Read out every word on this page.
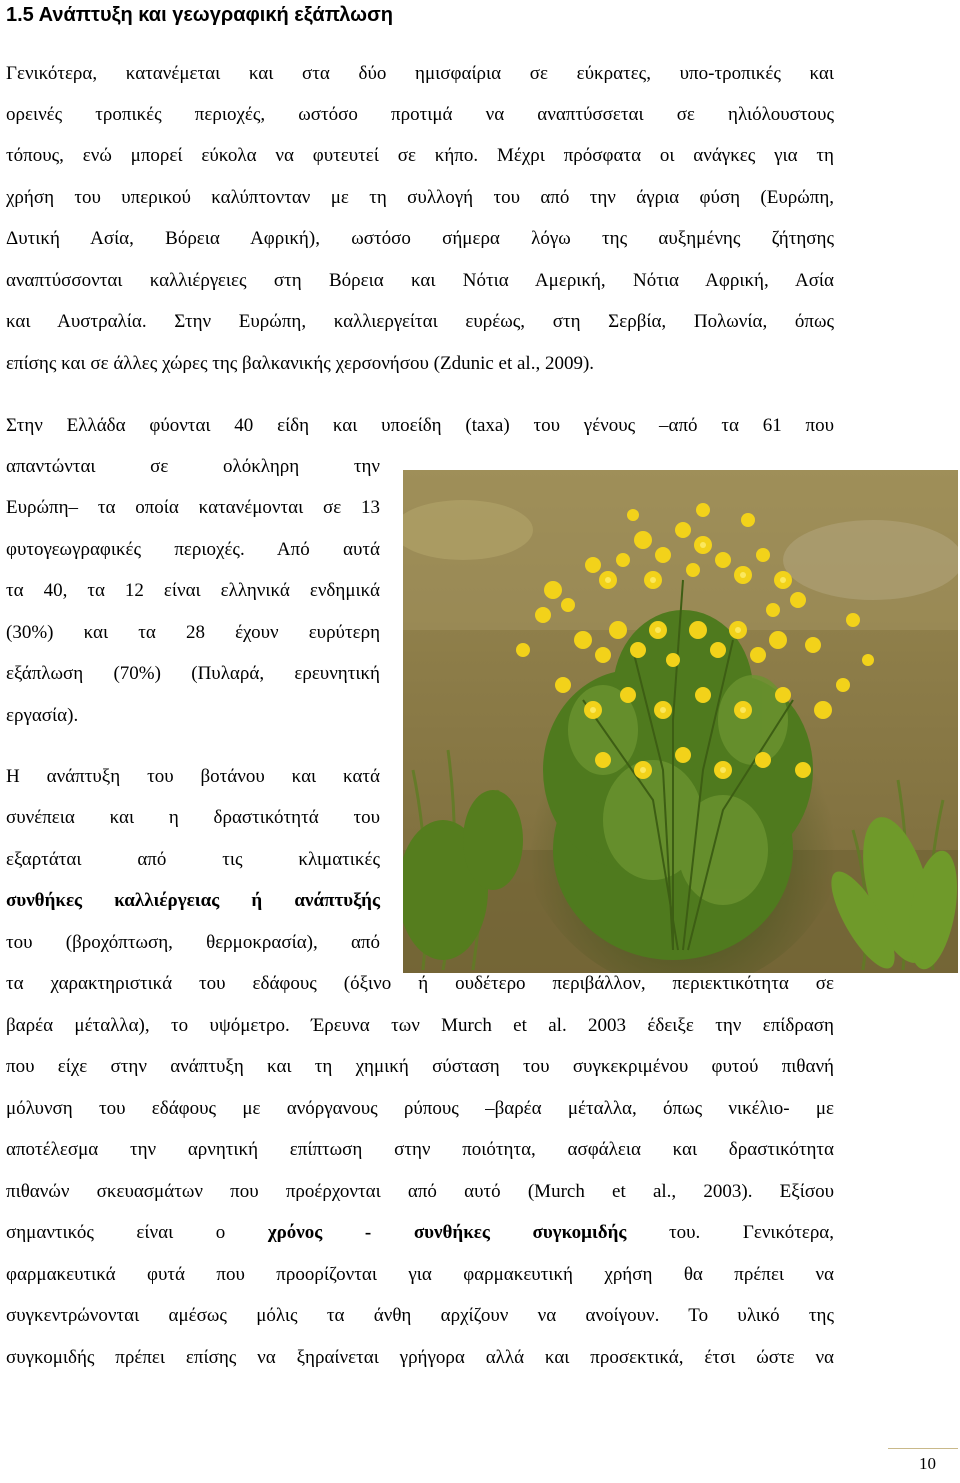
1.5 Ανάπτυξη και γεωγραφική εξάπλωση
Γενικότερα, κατανέμεται και στα δύο ημισφαίρια σε εύκρατες, υπο-τροπικές και
ορεινές τροπικές περιοχές, ωστόσο προτιμά να αναπτύσσεται σε ηλιόλουστους
τόπους, ενώ μπορεί εύκολα να φυτευτεί σε κήπο. Μέχρι πρόσφατα οι ανάγκες για τη
χρήση του υπερικού καλύπτονταν με τη συλλογή του από την άγρια φύση (Ευρώπη,
Δυτική Ασία, Βόρεια Αφρική), ωστόσο σήμερα λόγω της αυξημένης ζήτησης
αναπτύσσονται καλλιέργειες στη Βόρεια και Νότια Αμερική, Νότια Αφρική, Ασία
και Αυστραλία. Στην Ευρώπη, καλλιεργείται ευρέως, στη Σερβία, Πολωνία, όπως
επίσης και σε άλλες χώρες της βαλκανικής χερσονήσου (Zdunic et al., 2009).
Στην Ελλάδα φύονται 40 είδη και υποείδη (taxa) του γένους –από τα 61 που
απαντώνται σε ολόκληρη την
Ευρώπη– τα οποία κατανέμονται σε 13
φυτογεωγραφικές περιοχές. Από αυτά
τα 40, τα 12 είναι ελληνικά ενδημικά
(30%) και τα 28 έχουν ευρύτερη
εξάπλωση (70%) (Πυλαρά, ερευνητική
εργασία).
Η ανάπτυξη του βοτάνου και κατά
συνέπεια και η δραστικότητά του
εξαρτάται από τις κλιματικές
συνθήκες καλλιέργειας ή ανάπτυξής
του (βροχόπτωση, θερμοκρασία), από
τα χαρακτηριστικά του εδάφους (όξινο ή ουδέτερο περιβάλλον, περιεκτικότητα σε
βαρέα μέταλλα), το υψόμετρο. Έρευνα των Murch et al. 2003 έδειξε την επίδραση
που είχε στην ανάπτυξη και τη χημική σύσταση του συγκεκριμένου φυτού πιθανή
μόλυνση του εδάφους με ανόργανους ρύπους –βαρέα μέταλλα, όπως νικέλιο- με
αποτέλεσμα την αρνητική επίπτωση στην ποιότητα, ασφάλεια και δραστικότητα
πιθανών σκευασμάτων που προέρχονται από αυτό (Murch et al., 2003). Εξίσου
σημαντικός είναι ο χρόνος - συνθήκες συγκομιδής του. Γενικότερα,
φαρμακευτικά φυτά που προορίζονται για φαρμακευτική χρήση θα πρέπει να
συγκεντρώνονται αμέσως μόλις τα άνθη αρχίζουν να ανοίγουν. Το υλικό της
συγκομιδής πρέπει επίσης να ξηραίνεται γρήγορα αλλά και προσεκτικά, έτσι ώστε να
10
